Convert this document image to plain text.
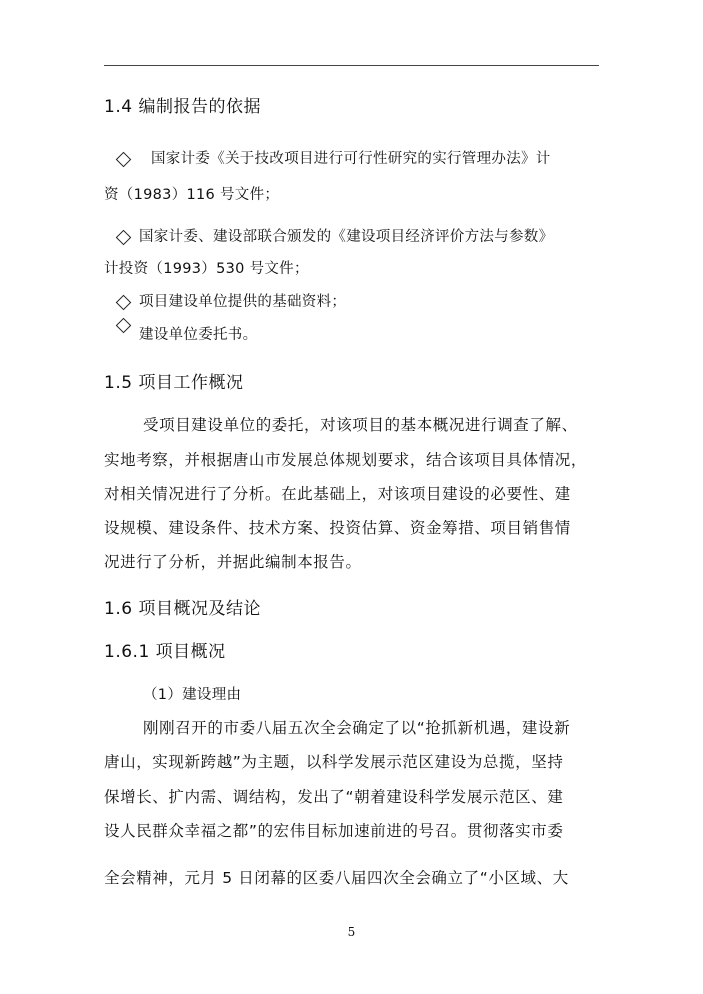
1.4 编制报告的依据
国家计委《关于技改项目进行可行性研究的实行管理办法》计
资（1983）116 号文件；
国家计委、建设部联合颁发的《建设项目经济评价方法与参数》
计投资（1993）530 号文件；
项目建设单位提供的基础资料；
建设单位委托书。
1.5 项目工作概况
受项目建设单位的委托，对该项目的基本概况进行调查了解、
实地考察，并根据唐山市发展总体规划要求，结合该项目具体情况，
对相关情况进行了分析。在此基础上，对该项目建设的必要性、建
设规模、建设条件、技术方案、投资估算、资金筹措、项目销售情
况进行了分析，并据此编制本报告。
1.6 项目概况及结论
1.6.1 项目概况
（1）建设理由
刚刚召开的市委八届五次全会确定了以“抢抓新机遇，建设新
唐山，实现新跨越”为主题，以科学发展示范区建设为总揽，坚持
保增长、扩内需、调结构，发出了“朝着建设科学发展示范区、建
设人民群众幸福之都”的宏伟目标加速前进的号召。贯彻落实市委
全会精神，元月 5 日闭幕的区委八届四次全会确立了“小区域、大
5
